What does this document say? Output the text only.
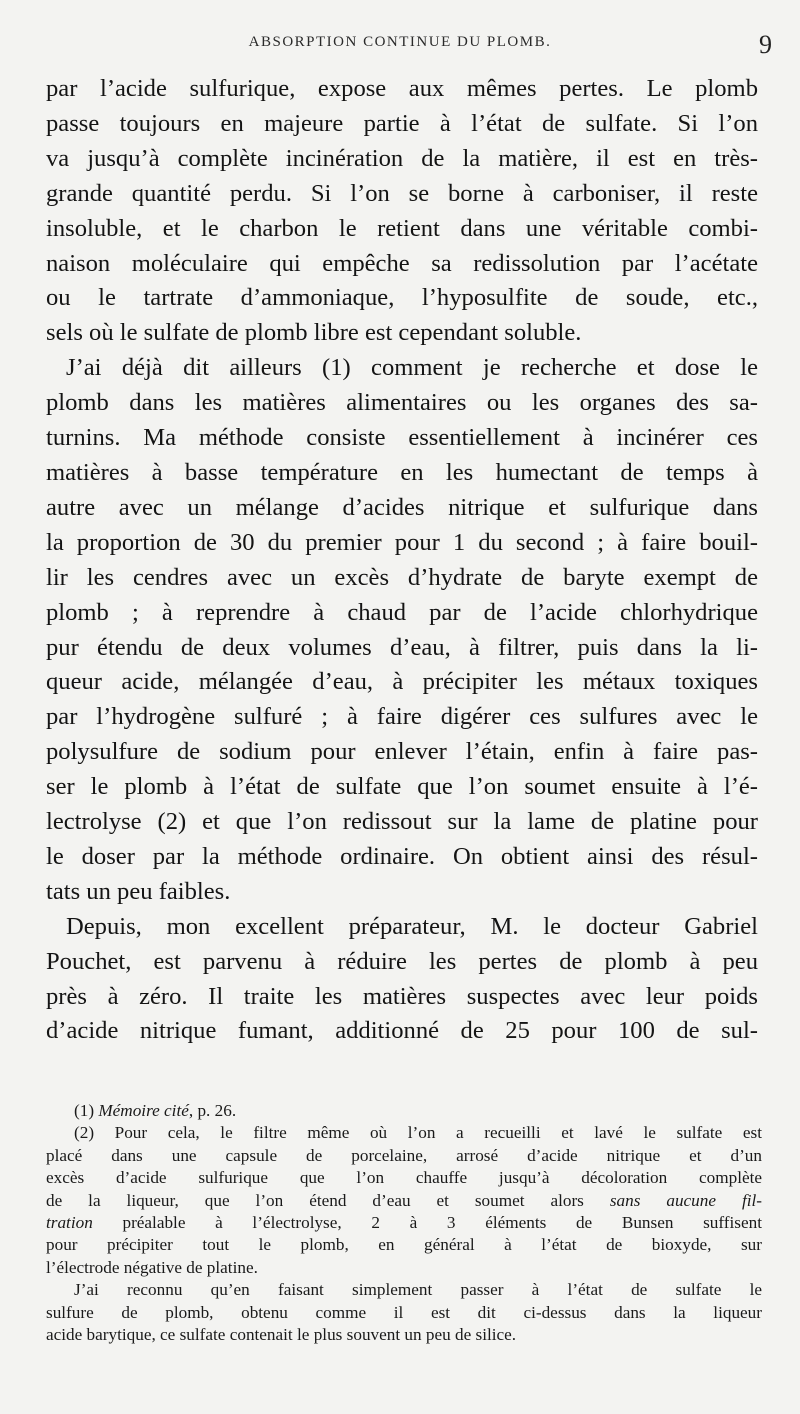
ABSORPTION CONTINUE DU PLOMB.	9

par l’acide sulfurique, expose aux mêmes pertes. Le plomb
passe toujours en majeure partie à l’état de sulfate. Si l’on
va jusqu’à complète incinération de la matière, il est en très-
grande quantité perdu. Si l’on se borne à carboniser, il reste
insoluble, et le charbon le retient dans une véritable combi-
naison moléculaire qui empêche sa redissolution par l’acétate
ou le tartrate d’ammoniaque, l’hyposulfite de soude, etc.,
sels où le sulfate de plomb libre est cependant soluble.

J’ai déjà dit ailleurs (1) comment je recherche et dose le
plomb dans les matières alimentaires ou les organes des sa-
turnins. Ma méthode consiste essentiellement à incinérer ces
matières à basse température en les humectant de temps à
autre avec un mélange d’acides nitrique et sulfurique dans
la proportion de 30 du premier pour 1 du second ; à faire bouil-
lir les cendres avec un excès d’hydrate de baryte exempt de
plomb ; à reprendre à chaud par de l’acide chlorhydrique
pur étendu de deux volumes d’eau, à filtrer, puis dans la li-
queur acide, mélangée d’eau, à précipiter les métaux toxiques
par l’hydrogène sulfuré ; à faire digérer ces sulfures avec le
polysulfure de sodium pour enlever l’étain, enfin à faire pas-
ser le plomb à l’état de sulfate que l’on soumet ensuite à l’é-
lectrolyse (2) et que l’on redissout sur la lame de platine pour
le doser par la méthode ordinaire. On obtient ainsi des résul-
tats un peu faibles.

Depuis, mon excellent préparateur, M. le docteur Gabriel
Pouchet, est parvenu à réduire les pertes de plomb à peu
près à zéro. Il traite les matières suspectes avec leur poids
d’acide nitrique fumant, additionné de 25 pour 100 de sul-

(1) Mémoire cité, p. 26.
(2) Pour cela, le filtre même où l’on a recueilli et lavé le sulfate est
placé dans une capsule de porcelaine, arrosé d’acide nitrique et d’un
excès d’acide sulfurique que l’on chauffe jusqu’à décoloration complète
de la liqueur, que l’on étend d’eau et soumet alors sans aucune fil-
tration préalable à l’électrolyse, 2 à 3 éléments de Bunsen suffisent
pour précipiter tout le plomb, en général à l’état de bioxyde, sur
l’électrode négative de platine.
J’ai reconnu qu’en faisant simplement passer à l’état de sulfate le
sulfure de plomb, obtenu comme il est dit ci-dessus dans la liqueur
acide barytique, ce sulfate contenait le plus souvent un peu de silice.
